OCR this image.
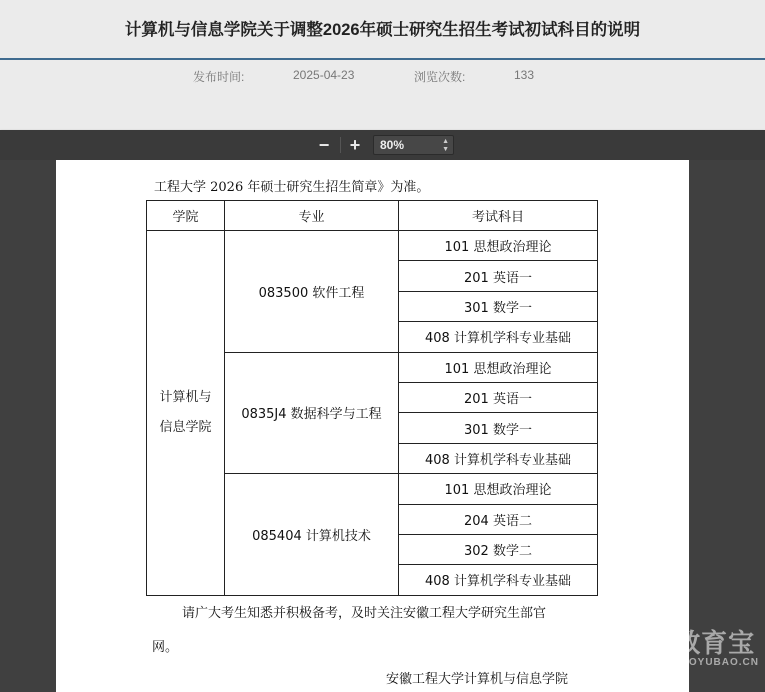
计算机与信息学院关于调整2026年硕士研究生招生考试初试科目的说明
发布时间:	2025-04-23	浏览次数:	133
−	+	80%	▲
▼
工程大学 2026 年硕士研究生招生简章》为准。
学院	专业	考试科目

计算机与
信息学院	083500 软件工程	101 思想政治理论
		201 英语一
		301 数学一
		408 计算机学科专业基础
	0835J4 数据科学与工程	101 思想政治理论
		201 英语一
		301 数学一
		408 计算机学科专业基础
	085404 计算机技术	101 思想政治理论
		204 英语二
		302 数学二
		408 计算机学科专业基础
请广大考生知悉并积极备考，及时关注安徽工程大学研究生部官
网。
安徽工程大学计算机与信息学院
教育宝
JIAOYUBAO.CN
